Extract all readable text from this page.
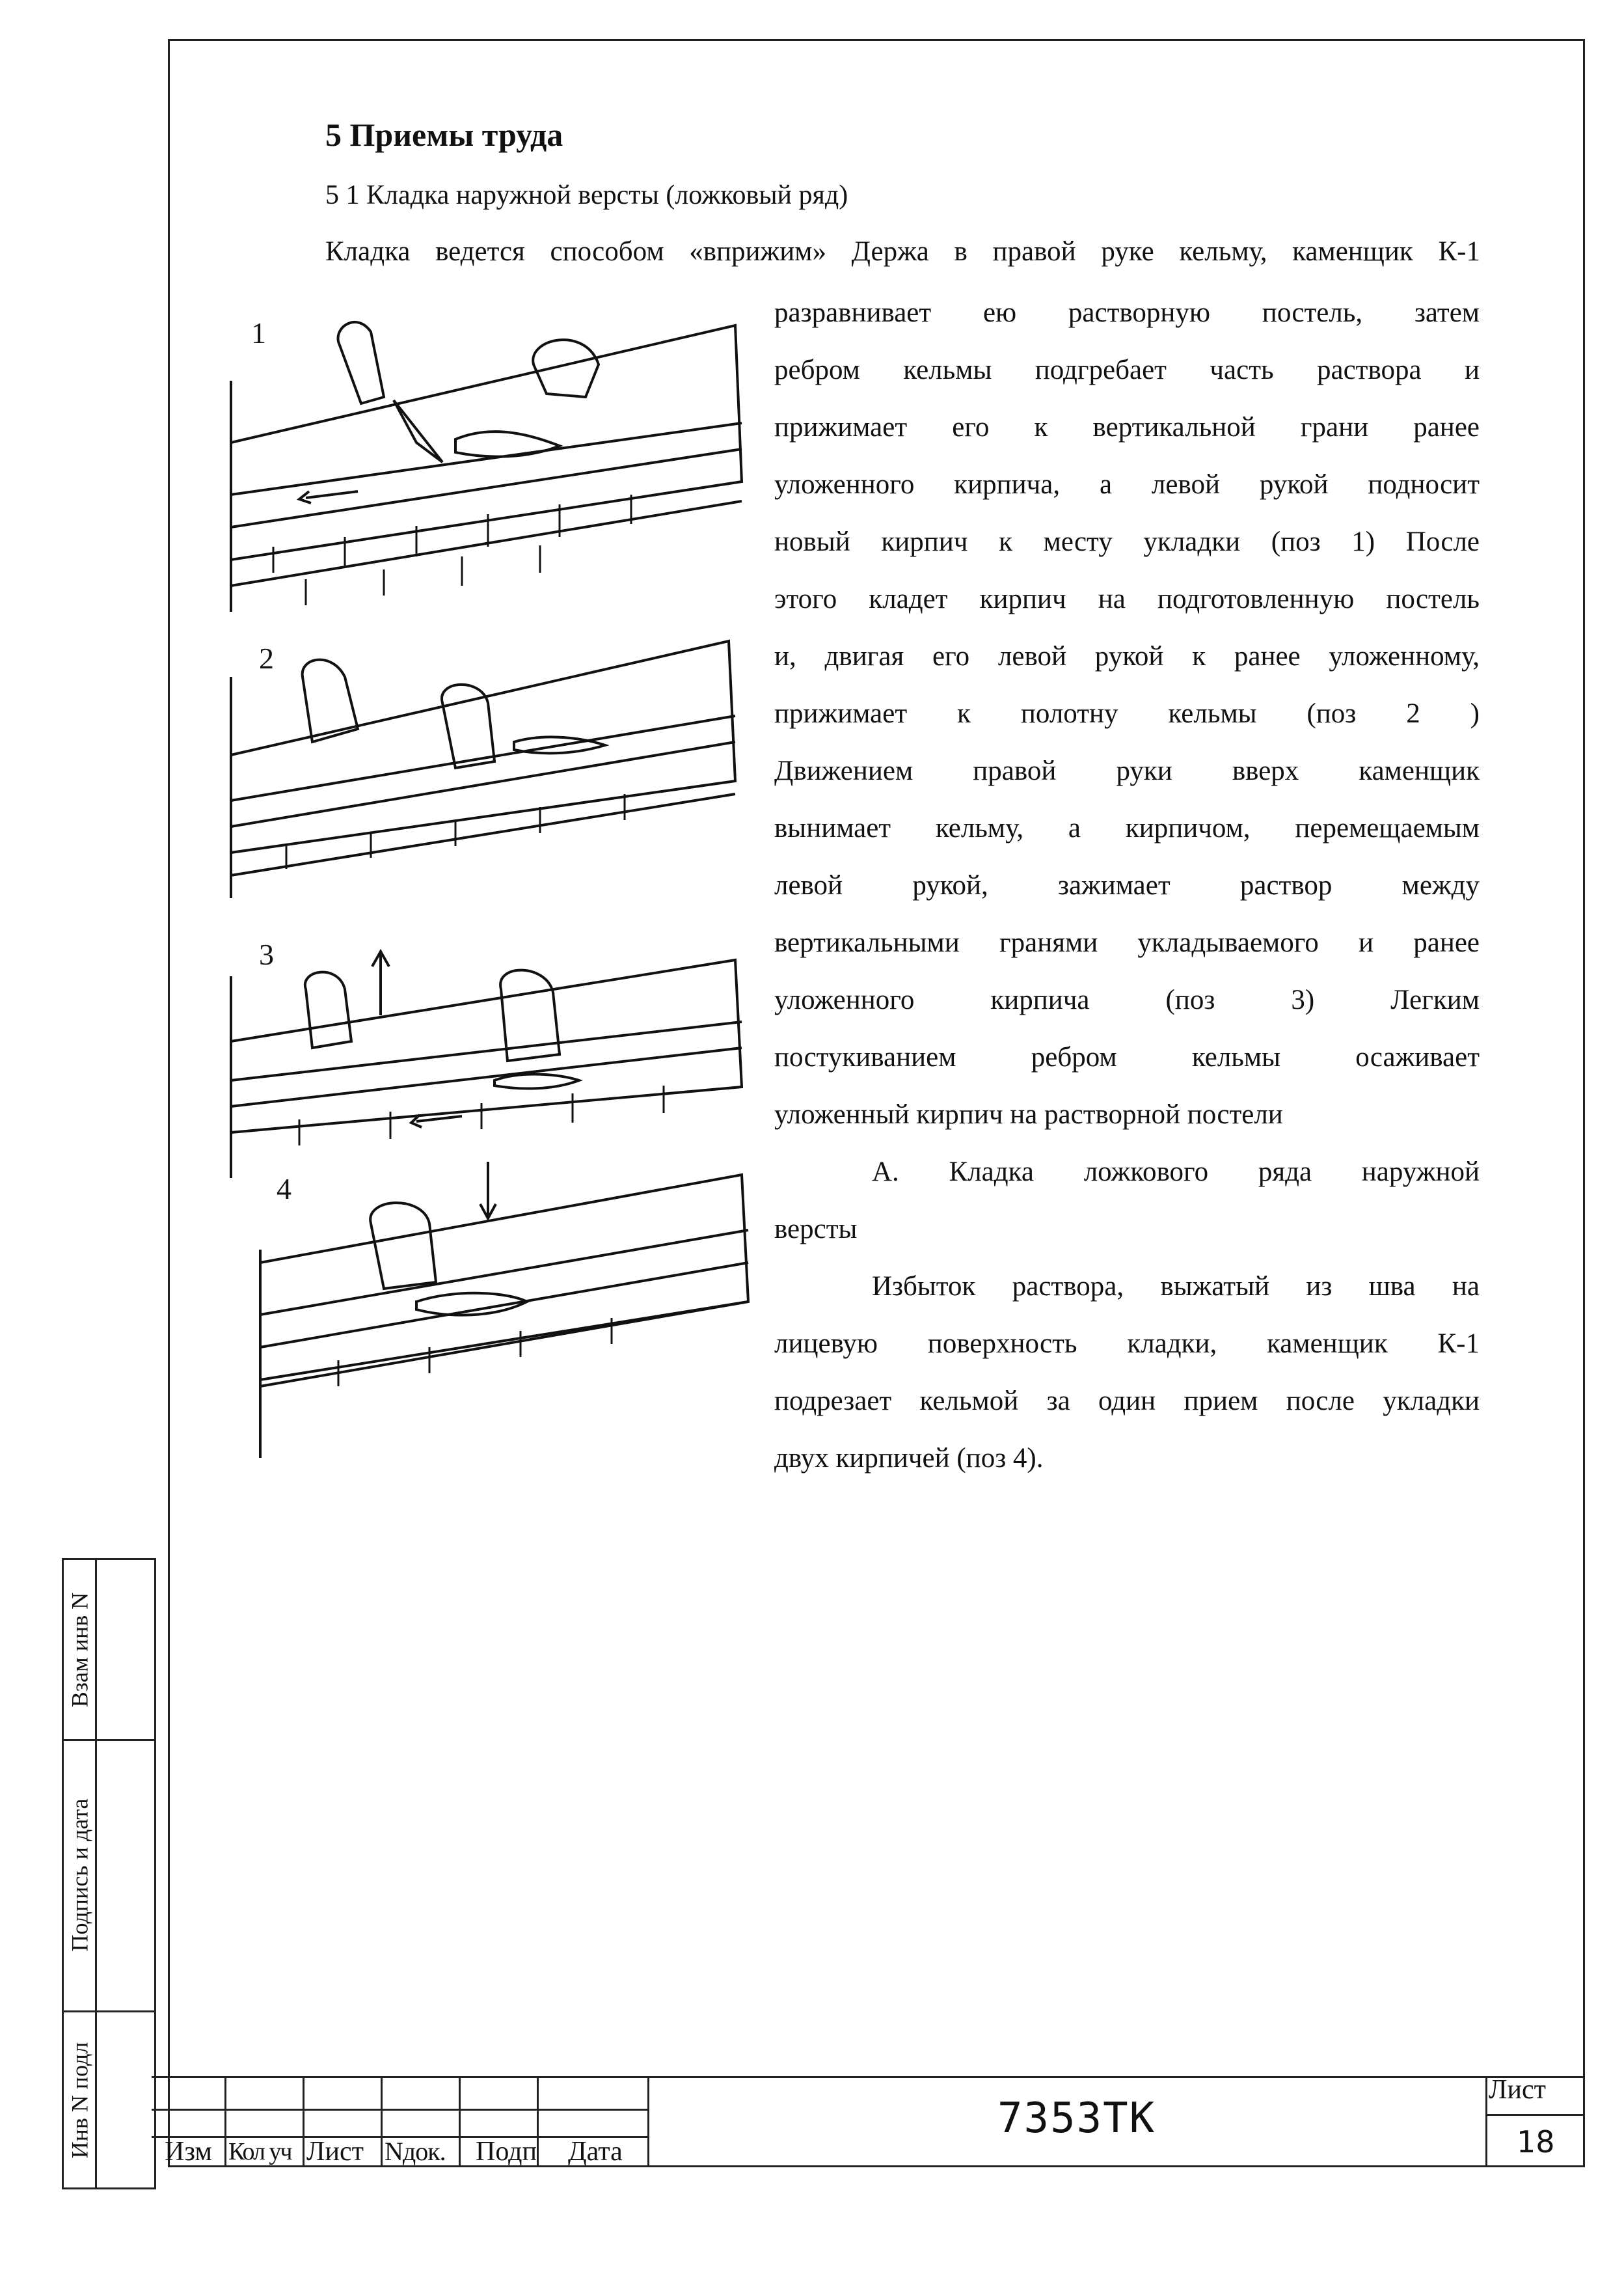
5 Приемы труда
5 1 Кладка наружной версты (ложковый ряд)
Кладка ведется способом «вприжим» Держа в правой руке кельму, каменщик К-1
разравнивает ею растворную постель, затем
ребром кельмы подгребает часть раствора и
прижимает его к вертикальной грани ранее
уложенного кирпича, а левой рукой подносит
новый кирпич к месту укладки (поз 1) После
этого кладет кирпич на подготовленную постель
и, двигая его левой рукой к ранее уложенному,
прижимает к полотну кельмы (поз 2 )
Движением правой руки вверх каменщик
вынимает кельму, а кирпичом, перемещаемым
левой рукой, зажимает раствор между
вертикальными гранями укладываемого и ранее
уложенного кирпича (поз 3) Легким
постукиванием ребром кельмы осаживает
уложенный кирпич на растворной постели
А. Кладка ложкового ряда наружной
версты
Избыток раствора, выжатый из шва на
лицевую поверхность кладки, каменщик К-1
подрезает кельмой за один прием после укладки
двух кирпичей (поз 4).
1
2
3
4
Взам инв N
Подпись и дата
Инв N подл	Изм Кол уч Лист Nдок. Подп Дата
7353ТК
Лист
18
